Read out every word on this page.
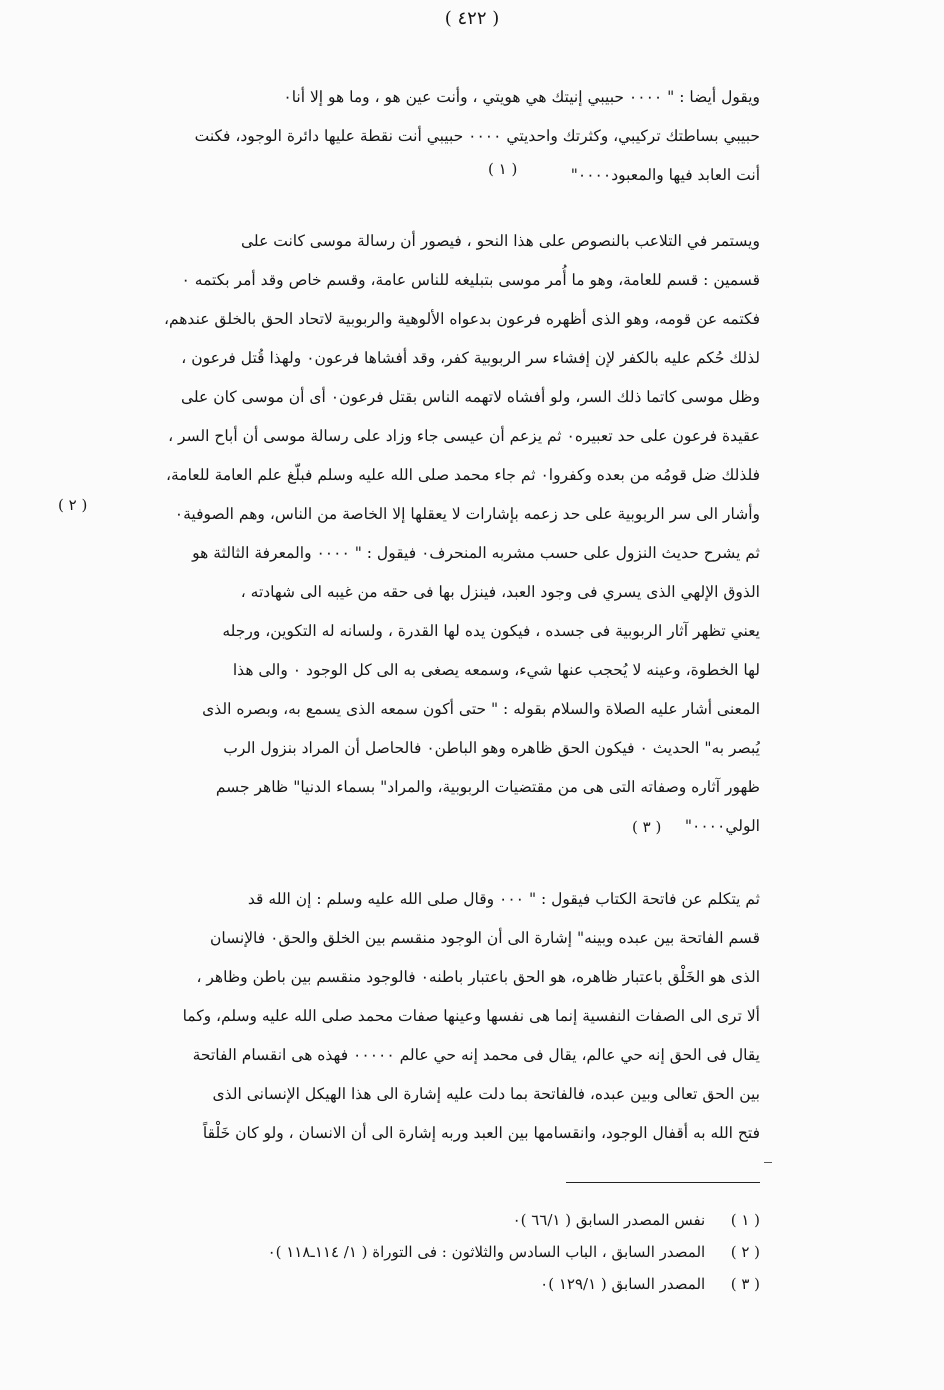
( ٤٢٢ )
ويقول أيضا : " ٠٠٠٠ حبيبي إنيتك هي هويتي ، وأنت عين هو ، وما هو إلا أنا٠
حبيبي بساطتك تركيبي، وكثرتك واحديتي ٠٠٠٠ حبيبي أنت نقطة عليها دائرة الوجود، فكنت
أنت العابد فيها والمعبود٠٠٠٠"
( ١ )
ويستمر في التلاعب بالنصوص على هذا النحو ، فيصور أن رسالة موسى كانت على
قسمين : قسم للعامة، وهو ما أُمر موسى بتبليغه للناس عامة، وقسم خاص وقد أمر بكتمه ٠
فكتمه عن قومه، وهو الذى أظهره فرعون بدعواه الألوهية والربوبية لاتحاد الحق بالخلق عندهم،
لذلك حُكم عليه بالكفر لإن إفشاء سر الربوبية كفر، وقد أفشاها فرعون٠ ولهذا قُتل فرعون ،
وظل موسى كاتما ذلك السر، ولو أفشاه لاتهمه الناس بقتل فرعون٠ أى أن موسى كان على
عقيدة فرعون على حد تعبيره٠ ثم يزعم أن عيسى جاء وزاد على رسالة موسى أن أباح السر ،
فلذلك ضل قومُه من بعده وكفروا٠ ثم جاء محمد صلى الله عليه وسلم فبلّغ علم العامة للعامة،
وأشار الى سر الربوبية على حد زعمه بإشارات لا يعقلها إلا الخاصة من الناس، وهم الصوفية٠
ثم يشرح حديث النزول على حسب مشربه المنحرف٠ فيقول : " ٠٠٠٠ والمعرفة الثالثة هو
الذوق الإلهي الذى يسري فى وجود العبد، فينزل بها فى حقه من غيبه الى شهادته ،
يعني تظهر آثار الربوبية فى جسده ، فيكون يده لها القدرة ، ولسانه له التكوين، ورجله
لها الخطوة، وعينه لا يُحجب عنها شيء، وسمعه يصغى به الى كل الوجود ٠ والى هذا
المعنى أشار عليه الصلاة والسلام بقوله : " حتى أكون سمعه الذى يسمع به، وبصره الذى
يُبصر به" الحديث ٠ فيكون الحق ظاهره وهو الباطن٠ فالحاصل أن المراد بنزول الرب
ظهور آثاره وصفاته التى هى من مقتضيات الربوبية، والمراد" بسماء الدنيا" ظاهر جسم
الولي٠٠٠٠"
( ٢ )
( ٣ )
ثم يتكلم عن فاتحة الكتاب فيقول : " ٠٠٠ وقال صلى الله عليه وسلم : إن الله قد
قسم الفاتحة بين عبده وبينه" إشارة الى أن الوجود منقسم بين الخلق والحق٠ فالإنسان
الذى هو الخَلْق باعتبار ظاهره، هو الحق باعتبار باطنه٠ فالوجود منقسم بين باطن وظاهر ،
ألا ترى الى الصفات النفسية إنما هى نفسها وعينها صفات محمد صلى الله عليه وسلم، وكما
يقال فى الحق إنه حي عالم، يقال فى محمد إنه حي عالم ٠٠٠٠٠ فهذه هى انقسام الفاتحة
بين الحق تعالى وبين عبده، فالفاتحة بما دلت عليه إشارة الى هذا الهيكل الإنسانى الذى
فتح الله به أقفال الوجود، وانقسامها بين العبد وربه إشارة الى أن الانسان ، ولو كان خَلْقاً
( ١ ) نفس المصدر السابق ( ٦٦/١ )٠
( ٢ ) المصدر السابق ، الباب السادس والثلاثون : فى التوراة ( ١/ ١١٤ـ١١٨ )٠
( ٣ ) المصدر السابق ( ١٢٩/١ )٠
